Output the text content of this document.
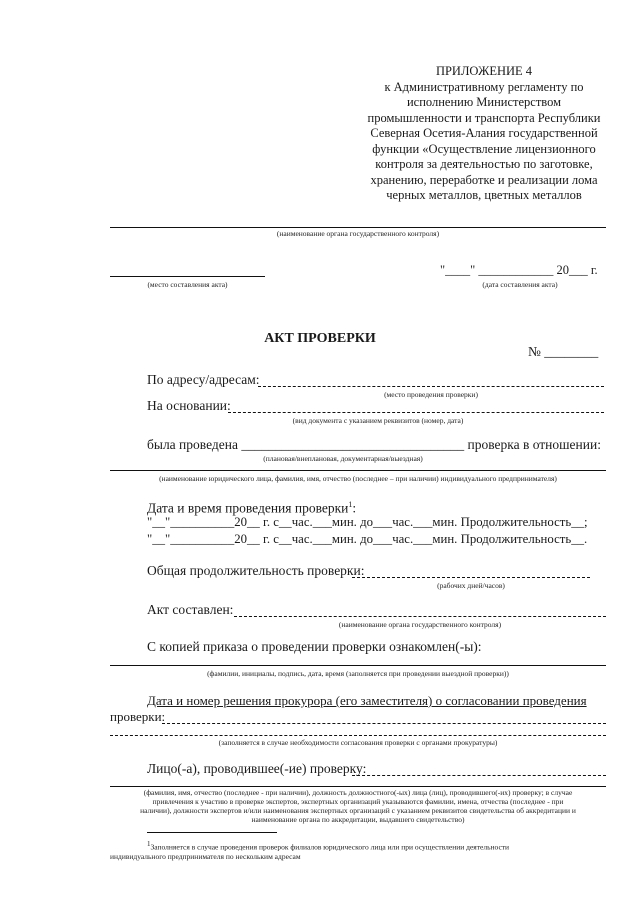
ПРИЛОЖЕНИЕ 4
к Административному регламенту по
исполнению Министерством
промышленности и транспорта Республики
Северная Осетия-Алания государственной
функции «Осуществление лицензионного
контроля за деятельностью по заготовке,
хранению, переработке и реализации лома
черных металлов, цветных металлов
(наименование органа государственного контроля)
(место составления акта)
"____" ____________ 20___ г.
(дата составления акта)
АКТ ПРОВЕРКИ
№ ________
По адресу/адресам:
(место проведения проверки)
На основании:
(вид документа с указанием реквизитов (номер, дата)
была проведена _________________________________ проверка в отношении:
(плановая/внеплановая, документарная/выездная)
(наименование юридического лица, фамилия, имя, отчество (последнее – при наличии) индивидуального предпринимателя)
Дата и время проведения проверки$^1$:
"__"__________20__ г. с__час.___мин. до___час.___мин. Продолжительность__;
"__"__________20__ г. с__час.___мин. до___час.___мин. Продолжительность__.
Общая продолжительность проверки:
(рабочих дней/часов)
Акт составлен:
(наименование органа государственного контроля)
С копией приказа о проведении проверки ознакомлен(-ы):
(фамилии, инициалы, подпись, дата, время (заполняется при проведении выездной проверки))
Дата и номер решения прокурора (его заместителя) о согласовании проведения
проверки:
(заполняется в случае необходимости согласования проверки с органами прокуратуры)
Лицо(-а), проводившее(-ие) проверку:
(фамилия, имя, отчество (последнее - при наличии), должность должностного(-ых) лица (лиц), проводившего(-их) проверку; в случае
привлечения к участию в проверке экспертов, экспертных организаций указываются фамилии, имена, отчества (последнее - при
наличии), должности экспертов и/или наименования экспертных организаций с указанием реквизитов свидетельства об аккредитации и
наименование органа по аккредитации, выдавшего свидетельство)
$^1$Заполняется в случае проведения проверок филиалов юридического лица или при осуществлении деятельности
индивидуального предпринимателя по нескольким адресам
